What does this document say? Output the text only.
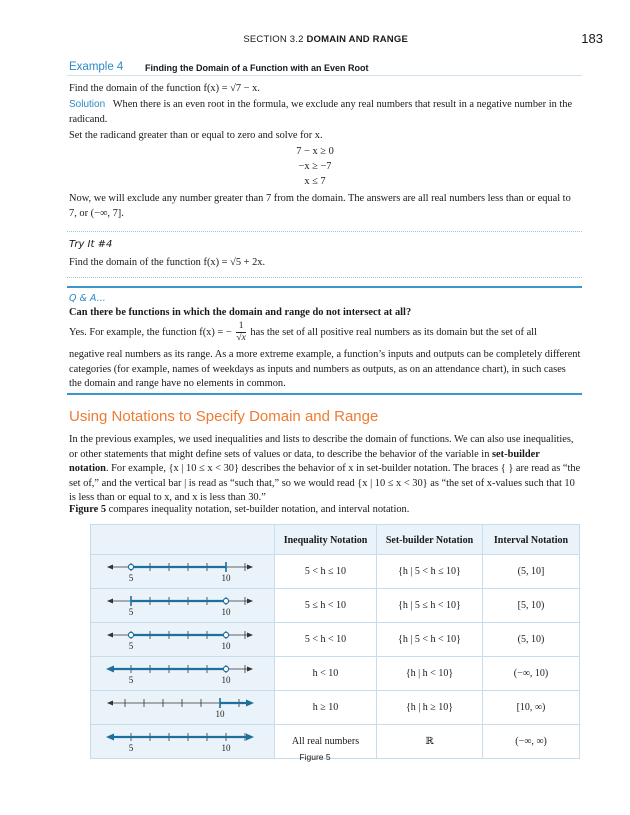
SECTION 3.2 DOMAIN AND RANGE	183
Example 4 Finding the Domain of a Function with an Even Root
Find the domain of the function f(x) = √7 − x.
Solution When there is an even root in the formula, we exclude any real numbers that result in a negative number in the radicand.
Set the radicand greater than or equal to zero and solve for x.
7 − x ≥ 0
−x ≥ −7
x ≤ 7
Now, we will exclude any number greater than 7 from the domain. The answers are all real numbers less than or equal to 7, or (−∞, 7].
Try It #4
Find the domain of the function f(x) = √5 + 2x.
Q & A...
Can there be functions in which the domain and range do not intersect at all?
Yes. For example, the function f(x) = − $\frac{1}{√x}$ has the set of all positive real numbers as its domain but the set of all
negative real numbers as its range. As a more extreme example, a function’s inputs and outputs can be completely different categories (for example, names of weekdays as inputs and numbers as outputs, as on an attendance chart), in such cases the domain and range have no elements in common.
Using Notations to Specify Domain and Range
In the previous examples, we used inequalities and lists to describe the domain of functions. We can also use inequalities, or other statements that might define sets of values or data, to describe the behavior of the variable in set-builder notation. For example, {x | 10 ≤ x < 30} describes the behavior of x in set-builder notation. The braces { } are read as “the set of,” and the vertical bar | is read as “such that,” so we would read {x | 10 ≤ x < 30} as “the set of x-values such that 10 is less than or equal to x, and x is less than 30.”
Figure 5 compares inequality notation, set-builder notation, and interval notation.
	Inequality Notation	Set-builder Notation	Interval Notation

5 10	5 < h ≤ 10	{h | 5 < h ≤ 10}	(5, 10]

5 10	5 ≤ h < 10	{h | 5 ≤ h < 10}	[5, 10)

5 10	5 < h < 10	{h | 5 < h < 10}	(5, 10)

5 10	h < 10	{h | h < 10}	(−∞, 10)

10	h ≥ 10	{h | h ≥ 10}	[10, ∞)

5 10	All real numbers	ℝ	(−∞, ∞)
Figure 5
